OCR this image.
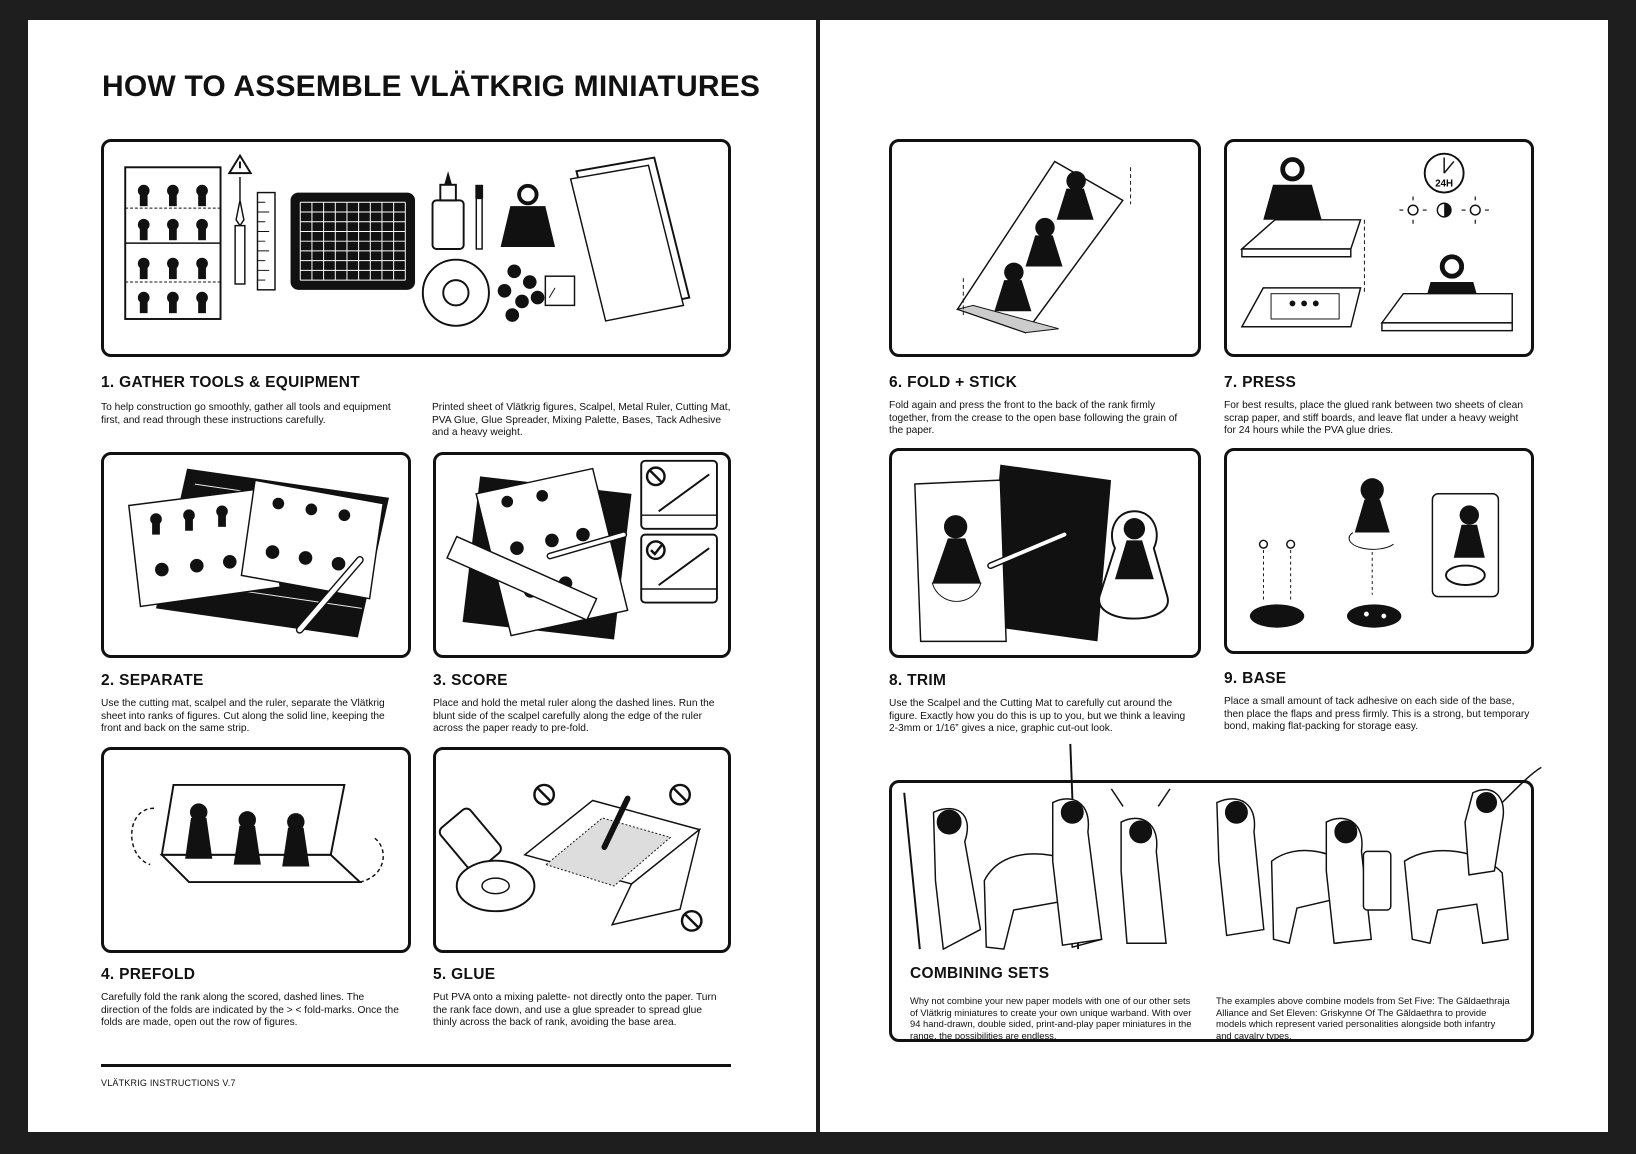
HOW TO ASSEMBLE VLÄTKRIG MINIATURES
1. GATHER TOOLS & EQUIPMENT

To help construction go smoothly, gather all tools and equipment first, and read through these instructions carefully.

Printed sheet of Vlätkrig figures, Scalpel, Metal Ruler, Cutting Mat, PVA Glue, Glue Spreader, Mixing Palette, Bases, Tack Adhesive and a heavy weight.

2. SEPARATE

Use the cutting mat, scalpel and the ruler, separate the Vlätkrig sheet into ranks of figures. Cut along the solid line, keeping the front and back on the same strip.

3. SCORE

Place and hold the metal ruler along the dashed lines. Run the blunt side of the scalpel carefully along the edge of the ruler across the paper ready to pre-fold.

4. PREFOLD

Carefully fold the rank along the scored, dashed lines. The direction of the folds are indicated by the > < fold-marks. Once the folds are made, open out the row of figures.

5. GLUE

Put PVA onto a mixing palette- not directly onto the paper. Turn the rank face down, and use a glue spreader to spread glue thinly across the back of rank, avoiding the base area.

VLÄTKRIG INSTRUCTIONS V.7
6. FOLD + STICK

Fold again and press the front to the back of the rank firmly together, from the crease to the open base following the grain of the paper.

24H
7. PRESS

For best results, place the glued rank between two sheets of clean scrap paper, and stiff boards, and leave flat under a heavy weight for 24 hours while the PVA glue dries.

8. TRIM

Use the Scalpel and the Cutting Mat to carefully cut around the figure. Exactly how you do this is up to you, but we think a leaving 2-3mm or 1/16” gives a nice, graphic cut-out look.

9. BASE

Place a small amount of tack adhesive on each side of the base, then place the flaps and press firmly. This is a strong, but temporary bond, making flat-packing for storage easy.

COMBINING SETS

Why not combine your new paper models with one of our other sets of Vlätkrig miniatures to create your own unique warband. With over 94 hand-drawn, double sided, print-and-play paper miniatures in the range, the possibilities are endless.

The examples above combine models from Set Five: The Găldaethraja Alliance and Set Eleven: Griskynne Of The Găldaethra to provide models which represent varied personalities alongside both infantry and cavalry types.
